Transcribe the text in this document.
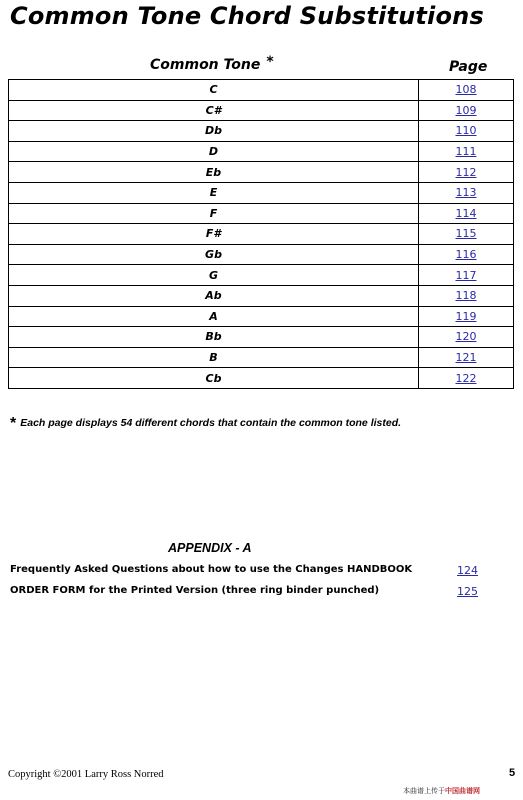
Common Tone Chord Substitutions
Common Tone *	Page
C	108
C#	109
Db	110
D	111
Eb	112
E	113
F	114
F#	115
Gb	116
G	117
Ab	118
A	119
Bb	120
B	121
Cb	122
* Each page displays 54 different chords that contain the common tone listed.
APPENDIX - A
Frequently Asked Questions about how to use the Changes HANDBOOK	124
ORDER FORM for the Printed Version (three ring binder punched)	125
Copyright ©2001 Larry Ross Norred	5
本曲谱上传于中国曲谱网
